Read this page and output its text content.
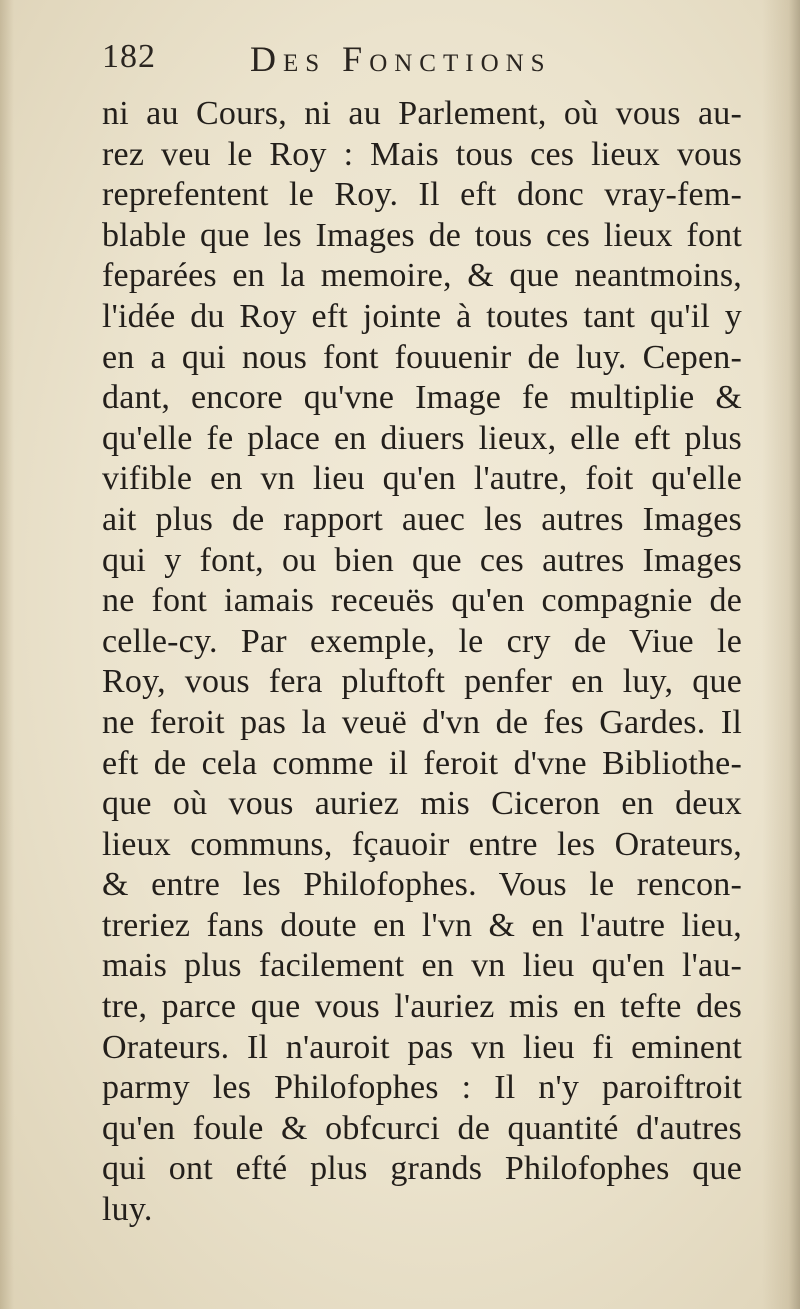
182	Des Fonctions
ni au Cours, ni au Parlement, où vous au-
rez veu le Roy : Mais tous ces lieux vous
reprefentent le Roy. Il eft donc vray-fem-
blable que les Images de tous ces lieux font
feparées en la memoire, & que neantmoins,
l'idée du Roy eft jointe à toutes tant qu'il y
en a qui nous font fouuenir de luy. Cepen-
dant, encore qu'vne Image fe multiplie &
qu'elle fe place en diuers lieux, elle eft plus
vifible en vn lieu qu'en l'autre, foit qu'elle
ait plus de rapport auec les autres Images
qui y font, ou bien que ces autres Images
ne font iamais receuës qu'en compagnie de
celle-cy. Par exemple, le cry de Viue le
Roy, vous fera pluftoft penfer en luy, que
ne feroit pas la veuë d'vn de fes Gardes. Il
eft de cela comme il feroit d'vne Bibliothe-
que où vous auriez mis Ciceron en deux
lieux communs, fçauoir entre les Orateurs,
& entre les Philofophes. Vous le rencon-
treriez fans doute en l'vn & en l'autre lieu,
mais plus facilement en vn lieu qu'en l'au-
tre, parce que vous l'auriez mis en tefte des
Orateurs. Il n'auroit pas vn lieu fi eminent
parmy les Philofophes : Il n'y paroiftroit
qu'en foule & obfcurci de quantité d'autres
qui ont efté plus grands Philofophes que
luy.
